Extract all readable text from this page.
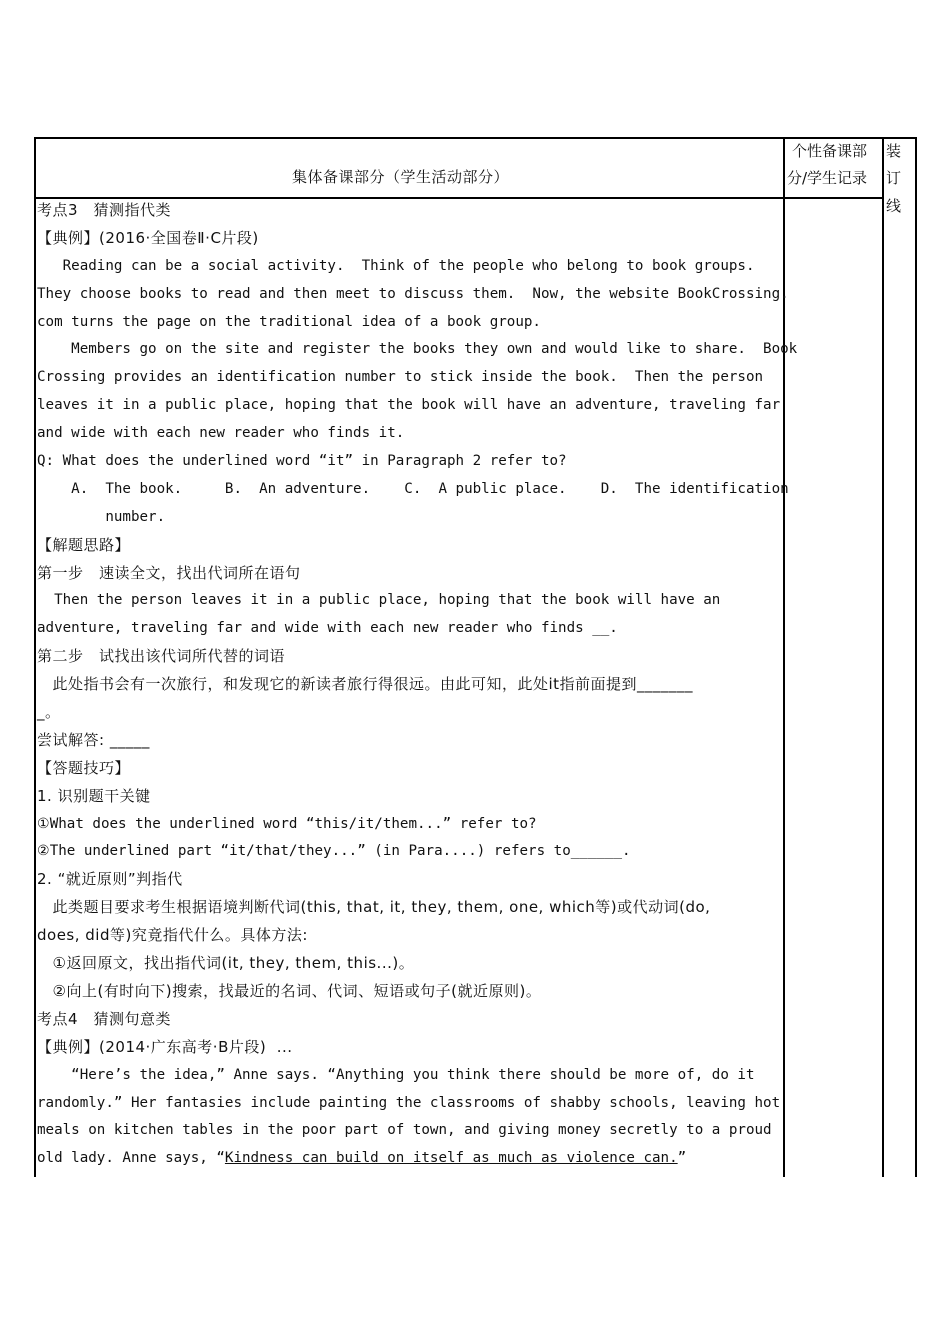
集体备课部分（学生活动部分）
个性备课部
分/学生记录
装
订
线
考点3　猜测指代类
【典例】(2016·全国卷Ⅱ·C片段)
Reading can be a social activity.  Think of the people who belong to book groups.
They choose books to read and then meet to discuss them.  Now, the website BookCrossing.
com turns the page on the traditional idea of a book group.
Members go on the site and register the books they own and would like to share.  Book
Crossing provides an identification number to stick inside the book.  Then the person
leaves it in a public place, hoping that the book will have an adventure, traveling far
and wide with each new reader who finds it.
Q: What does the underlined word “it” in Paragraph 2 refer to?
A.  The book.     B.  An adventure.    C.  A public place.    D.  The identification
number.
【解题思路】
第一步　速读全文，找出代词所在语句
Then the person leaves it in a public place, hoping that the book will have an
adventure, traveling far and wide with each new reader who finds __.
第二步　试找出该代词所代替的词语
　此处指书会有一次旅行，和发现它的新读者旅行得很远。由此可知，此处it指前面提到_______
_。
尝试解答: _____
【答题技巧】
1. 识别题干关键
①What does the underlined word “this/it/them...” refer to?
②The underlined part “it/that/they...” (in Para....) refers to______.
2. “就近原则”判指代
　此类题目要求考生根据语境判断代词(this, that, it, they, them, one, which等)或代动词(do,
does, did等)究竟指代什么。具体方法:
　①返回原文，找出指代词(it, they, them, this...)。
　②向上(有时向下)搜索，找最近的名词、代词、短语或句子(就近原则)。
考点4　猜测句意类
【典例】(2014·广东高考·B片段)  ...
“Here’s the idea,” Anne says. “Anything you think there should be more of, do it
randomly.” Her fantasies include painting the classrooms of shabby schools, leaving hot
meals on kitchen tables in the poor part of town, and giving money secretly to a proud
old lady. Anne says, “Kindness can build on itself as much as violence can.”
